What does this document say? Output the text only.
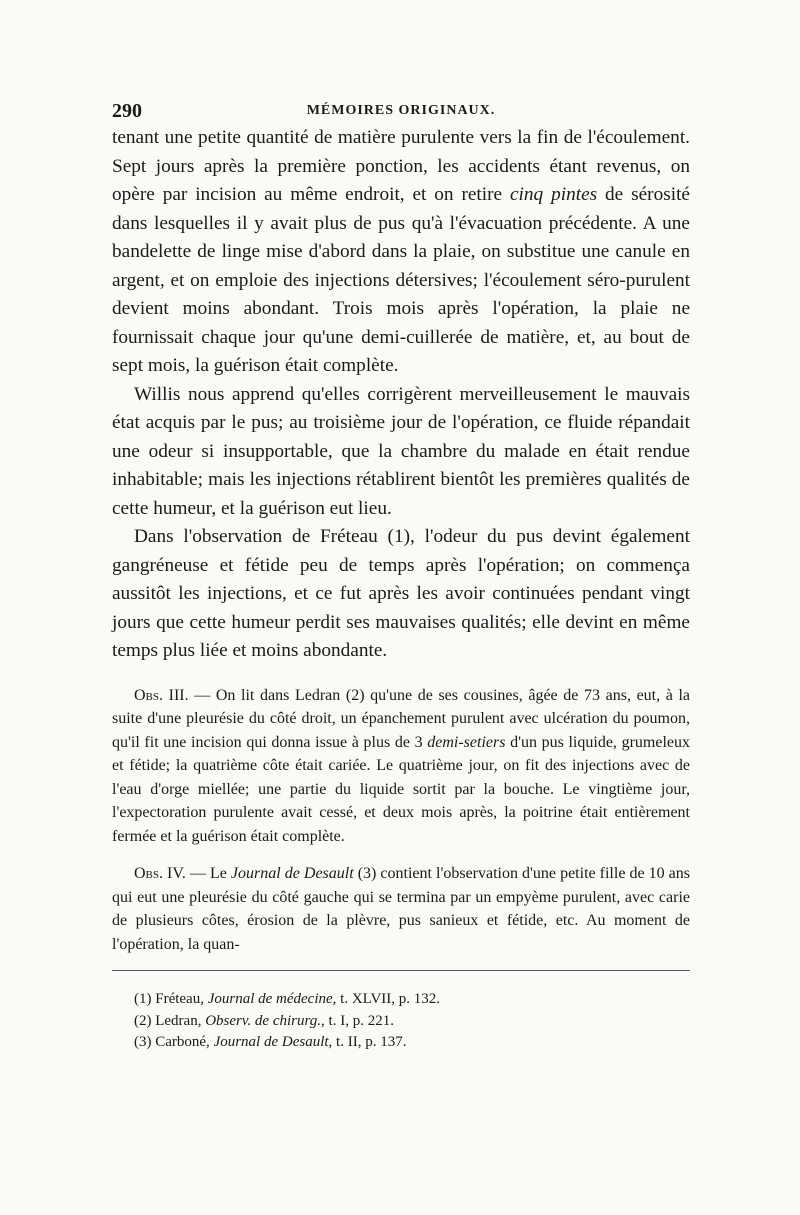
290	MÉMOIRES ORIGINAUX.

tenant une petite quantité de matière purulente vers la fin de l'écoulement. Sept jours après la première ponction, les accidents étant revenus, on opère par incision au même endroit, et on retire cinq pintes de sérosité dans lesquelles il y avait plus de pus qu'à l'évacuation précédente. A une bandelette de linge mise d'abord dans la plaie, on substitue une canule en argent, et on emploie des injections détersives; l'écoulement séro-purulent devient moins abondant. Trois mois après l'opération, la plaie ne fournissait chaque jour qu'une demi-cuillerée de matière, et, au bout de sept mois, la guérison était complète.

Willis nous apprend qu'elles corrigèrent merveilleusement le mauvais état acquis par le pus; au troisième jour de l'opération, ce fluide répandait une odeur si insupportable, que la chambre du malade en était rendue inhabitable; mais les injections rétablirent bientôt les premières qualités de cette humeur, et la guérison eut lieu.

Dans l'observation de Fréteau (1), l'odeur du pus devint également gangréneuse et fétide peu de temps après l'opération; on commença aussitôt les injections, et ce fut après les avoir continuées pendant vingt jours que cette humeur perdit ses mauvaises qualités; elle devint en même temps plus liée et moins abondante.

Obs. III. — On lit dans Ledran (2) qu'une de ses cousines, âgée de 73 ans, eut, à la suite d'une pleurésie du côté droit, un épanchement purulent avec ulcération du poumon, qu'il fit une incision qui donna issue à plus de 3 demi-setiers d'un pus liquide, grumeleux et fétide; la quatrième côte était cariée. Le quatrième jour, on fit des injections avec de l'eau d'orge miellée; une partie du liquide sortit par la bouche. Le vingtième jour, l'expectoration purulente avait cessé, et deux mois après, la poitrine était entièrement fermée et la guérison était complète.

Obs. IV. — Le Journal de Desault (3) contient l'observation d'une petite fille de 10 ans qui eut une pleurésie du côté gauche qui se termina par un empyème purulent, avec carie de plusieurs côtes, érosion de la plèvre, pus sanieux et fétide, etc. Au moment de l'opération, la quan-

(1) Fréteau, Journal de médecine, t. XLVII, p. 132.

(2) Ledran, Observ. de chirurg., t. I, p. 221.

(3) Carboné, Journal de Desault, t. II, p. 137.
